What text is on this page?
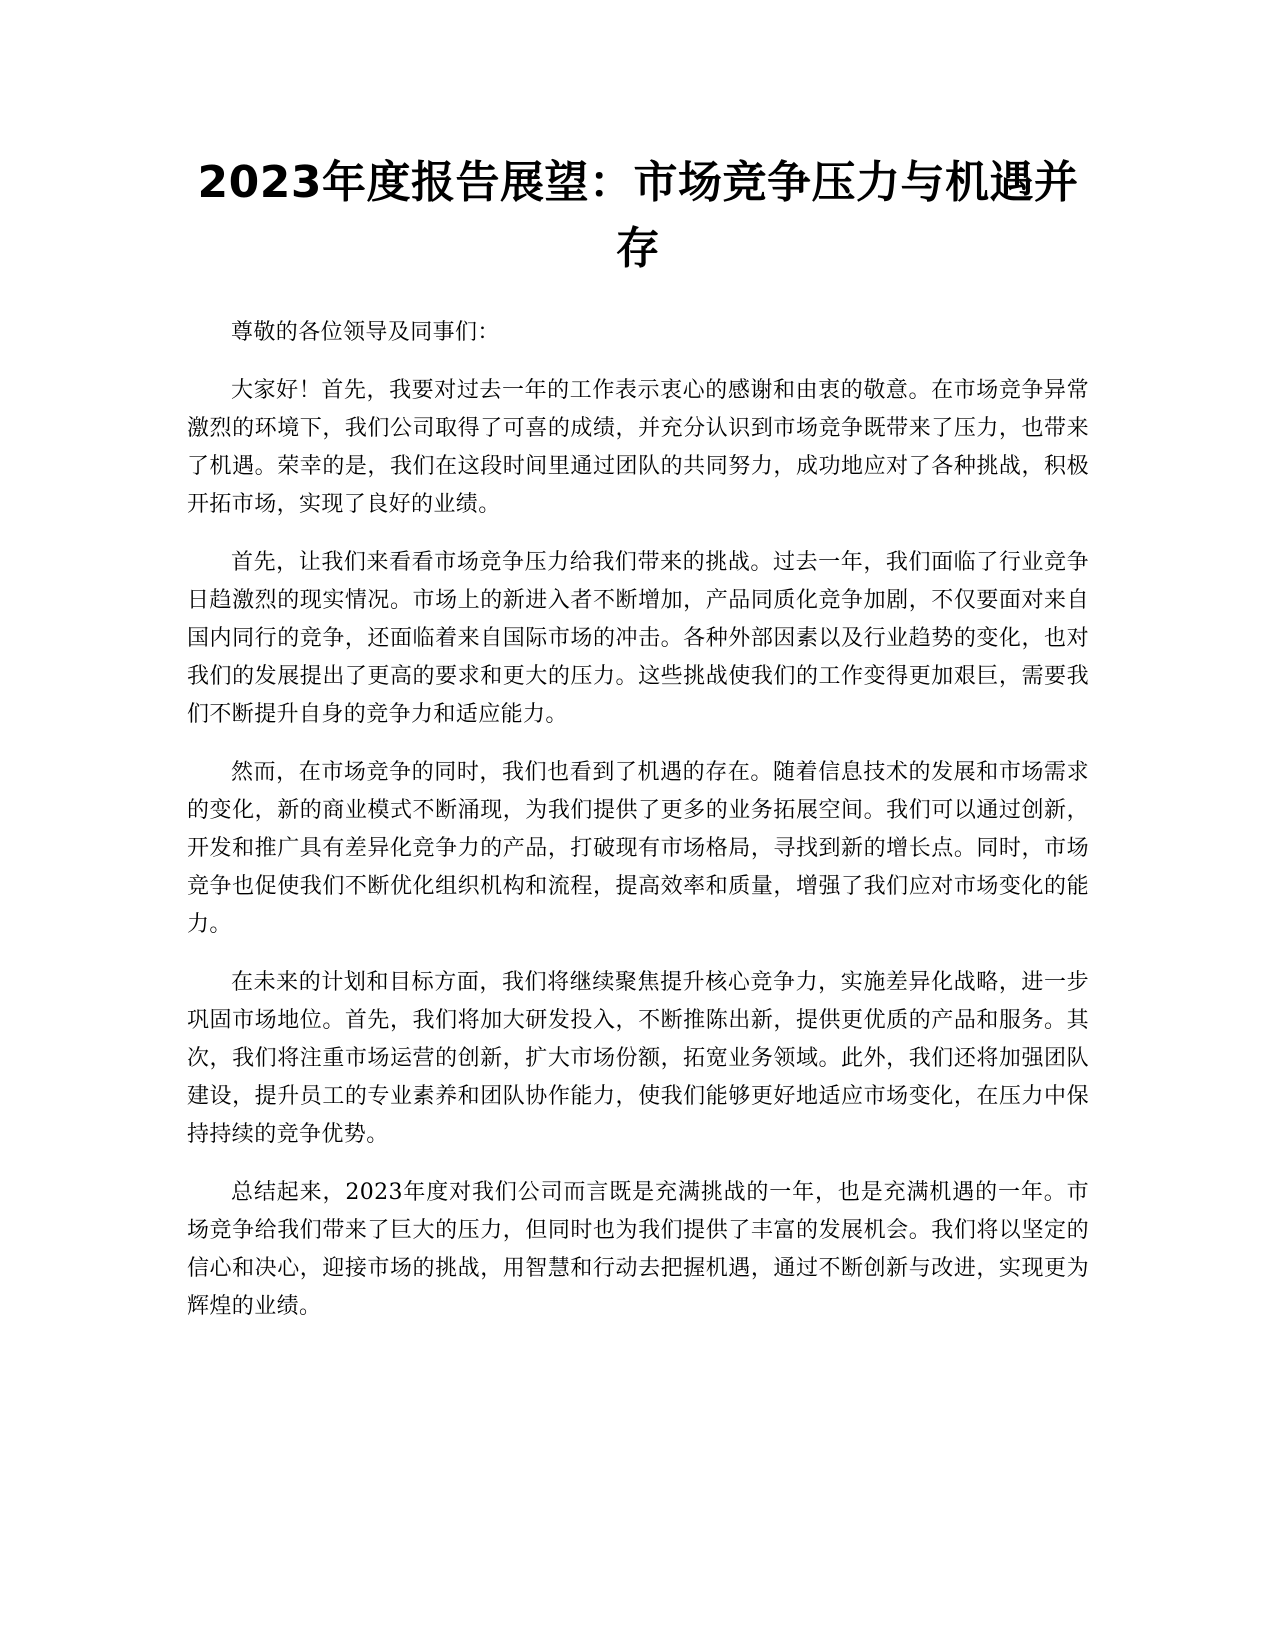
2023年度报告展望：市场竞争压力与机遇并存

尊敬的各位领导及同事们：

大家好！首先，我要对过去一年的工作表示衷心的感谢和由衷的敬意。在市场竞争异常激烈的环境下，我们公司取得了可喜的成绩，并充分认识到市场竞争既带来了压力，也带来了机遇。荣幸的是，我们在这段时间里通过团队的共同努力，成功地应对了各种挑战，积极开拓市场，实现了良好的业绩。

首先，让我们来看看市场竞争压力给我们带来的挑战。过去一年，我们面临了行业竞争日趋激烈的现实情况。市场上的新进入者不断增加，产品同质化竞争加剧，不仅要面对来自国内同行的竞争，还面临着来自国际市场的冲击。各种外部因素以及行业趋势的变化，也对我们的发展提出了更高的要求和更大的压力。这些挑战使我们的工作变得更加艰巨，需要我们不断提升自身的竞争力和适应能力。

然而，在市场竞争的同时，我们也看到了机遇的存在。随着信息技术的发展和市场需求的变化，新的商业模式不断涌现，为我们提供了更多的业务拓展空间。我们可以通过创新，开发和推广具有差异化竞争力的产品，打破现有市场格局，寻找到新的增长点。同时，市场竞争也促使我们不断优化组织机构和流程，提高效率和质量，增强了我们应对市场变化的能力。

在未来的计划和目标方面，我们将继续聚焦提升核心竞争力，实施差异化战略，进一步巩固市场地位。首先，我们将加大研发投入，不断推陈出新，提供更优质的产品和服务。其次，我们将注重市场运营的创新，扩大市场份额，拓宽业务领域。此外，我们还将加强团队建设，提升员工的专业素养和团队协作能力，使我们能够更好地适应市场变化，在压力中保持持续的竞争优势。

总结起来，2023年度对我们公司而言既是充满挑战的一年，也是充满机遇的一年。市场竞争给我们带来了巨大的压力，但同时也为我们提供了丰富的发展机会。我们将以坚定的信心和决心，迎接市场的挑战，用智慧和行动去把握机遇，通过不断创新与改进，实现更为辉煌的业绩。
